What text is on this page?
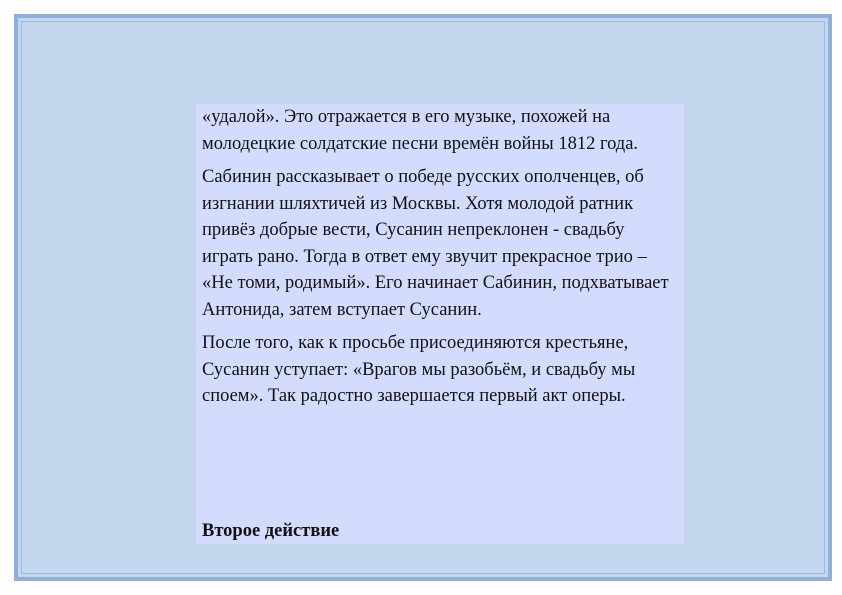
«удалой». Это отражается в его музыке, похожей на молодецкие солдатские песни времён войны 1812 года.

Сабинин рассказывает о победе русских ополченцев, об изгнании шляхтичей из Москвы. Хотя молодой ратник привёз добрые вести, Сусанин непреклонен - свадьбу играть рано. Тогда в ответ ему звучит прекрасное трио – «Не томи, родимый». Его начинает Сабинин, подхватывает Антонида, затем вступает Сусанин.

После того, как к просьбе присоединяются крестьяне, Сусанин уступает: «Врагов мы разобьём, и свадьбу мы споем». Так радостно завершается первый акт оперы.

Второе действие
